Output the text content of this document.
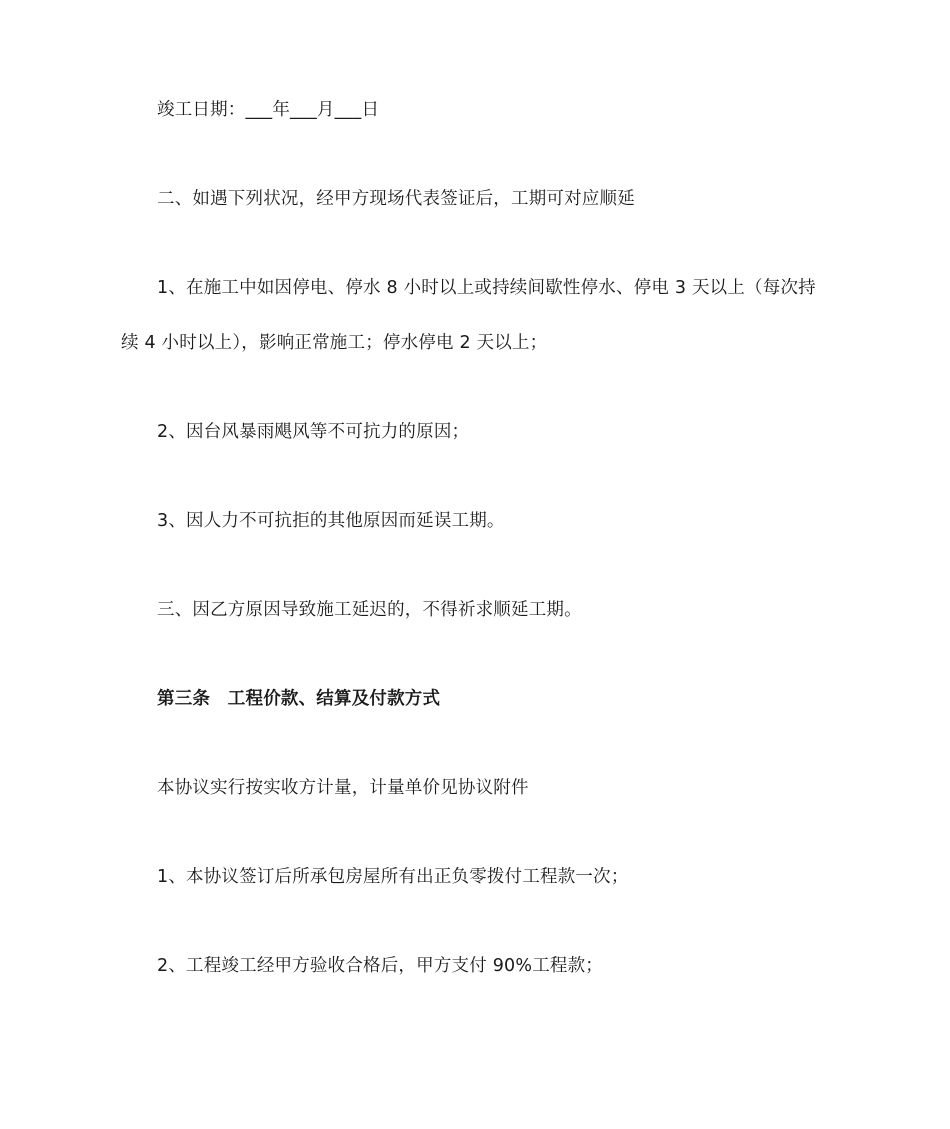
竣工日期：___年___月___日
二、如遇下列状况，经甲方现场代表签证后，工期可对应顺延
1、在施工中如因停电、停水 8 小时以上或持续间歇性停水、停电 3 天以上（每次持
续 4 小时以上），影响正常施工；停水停电 2 天以上；
2、因台风暴雨飓风等不可抗力的原因；
3、因人力不可抗拒的其他原因而延误工期。
三、因乙方原因导致施工延迟的，不得祈求顺延工期。
第三条　工程价款、结算及付款方式
本协议实行按实收方计量，计量单价见协议附件
1、本协议签订后所承包房屋所有出正负零拨付工程款一次；
2、工程竣工经甲方验收合格后，甲方支付 90%工程款；
